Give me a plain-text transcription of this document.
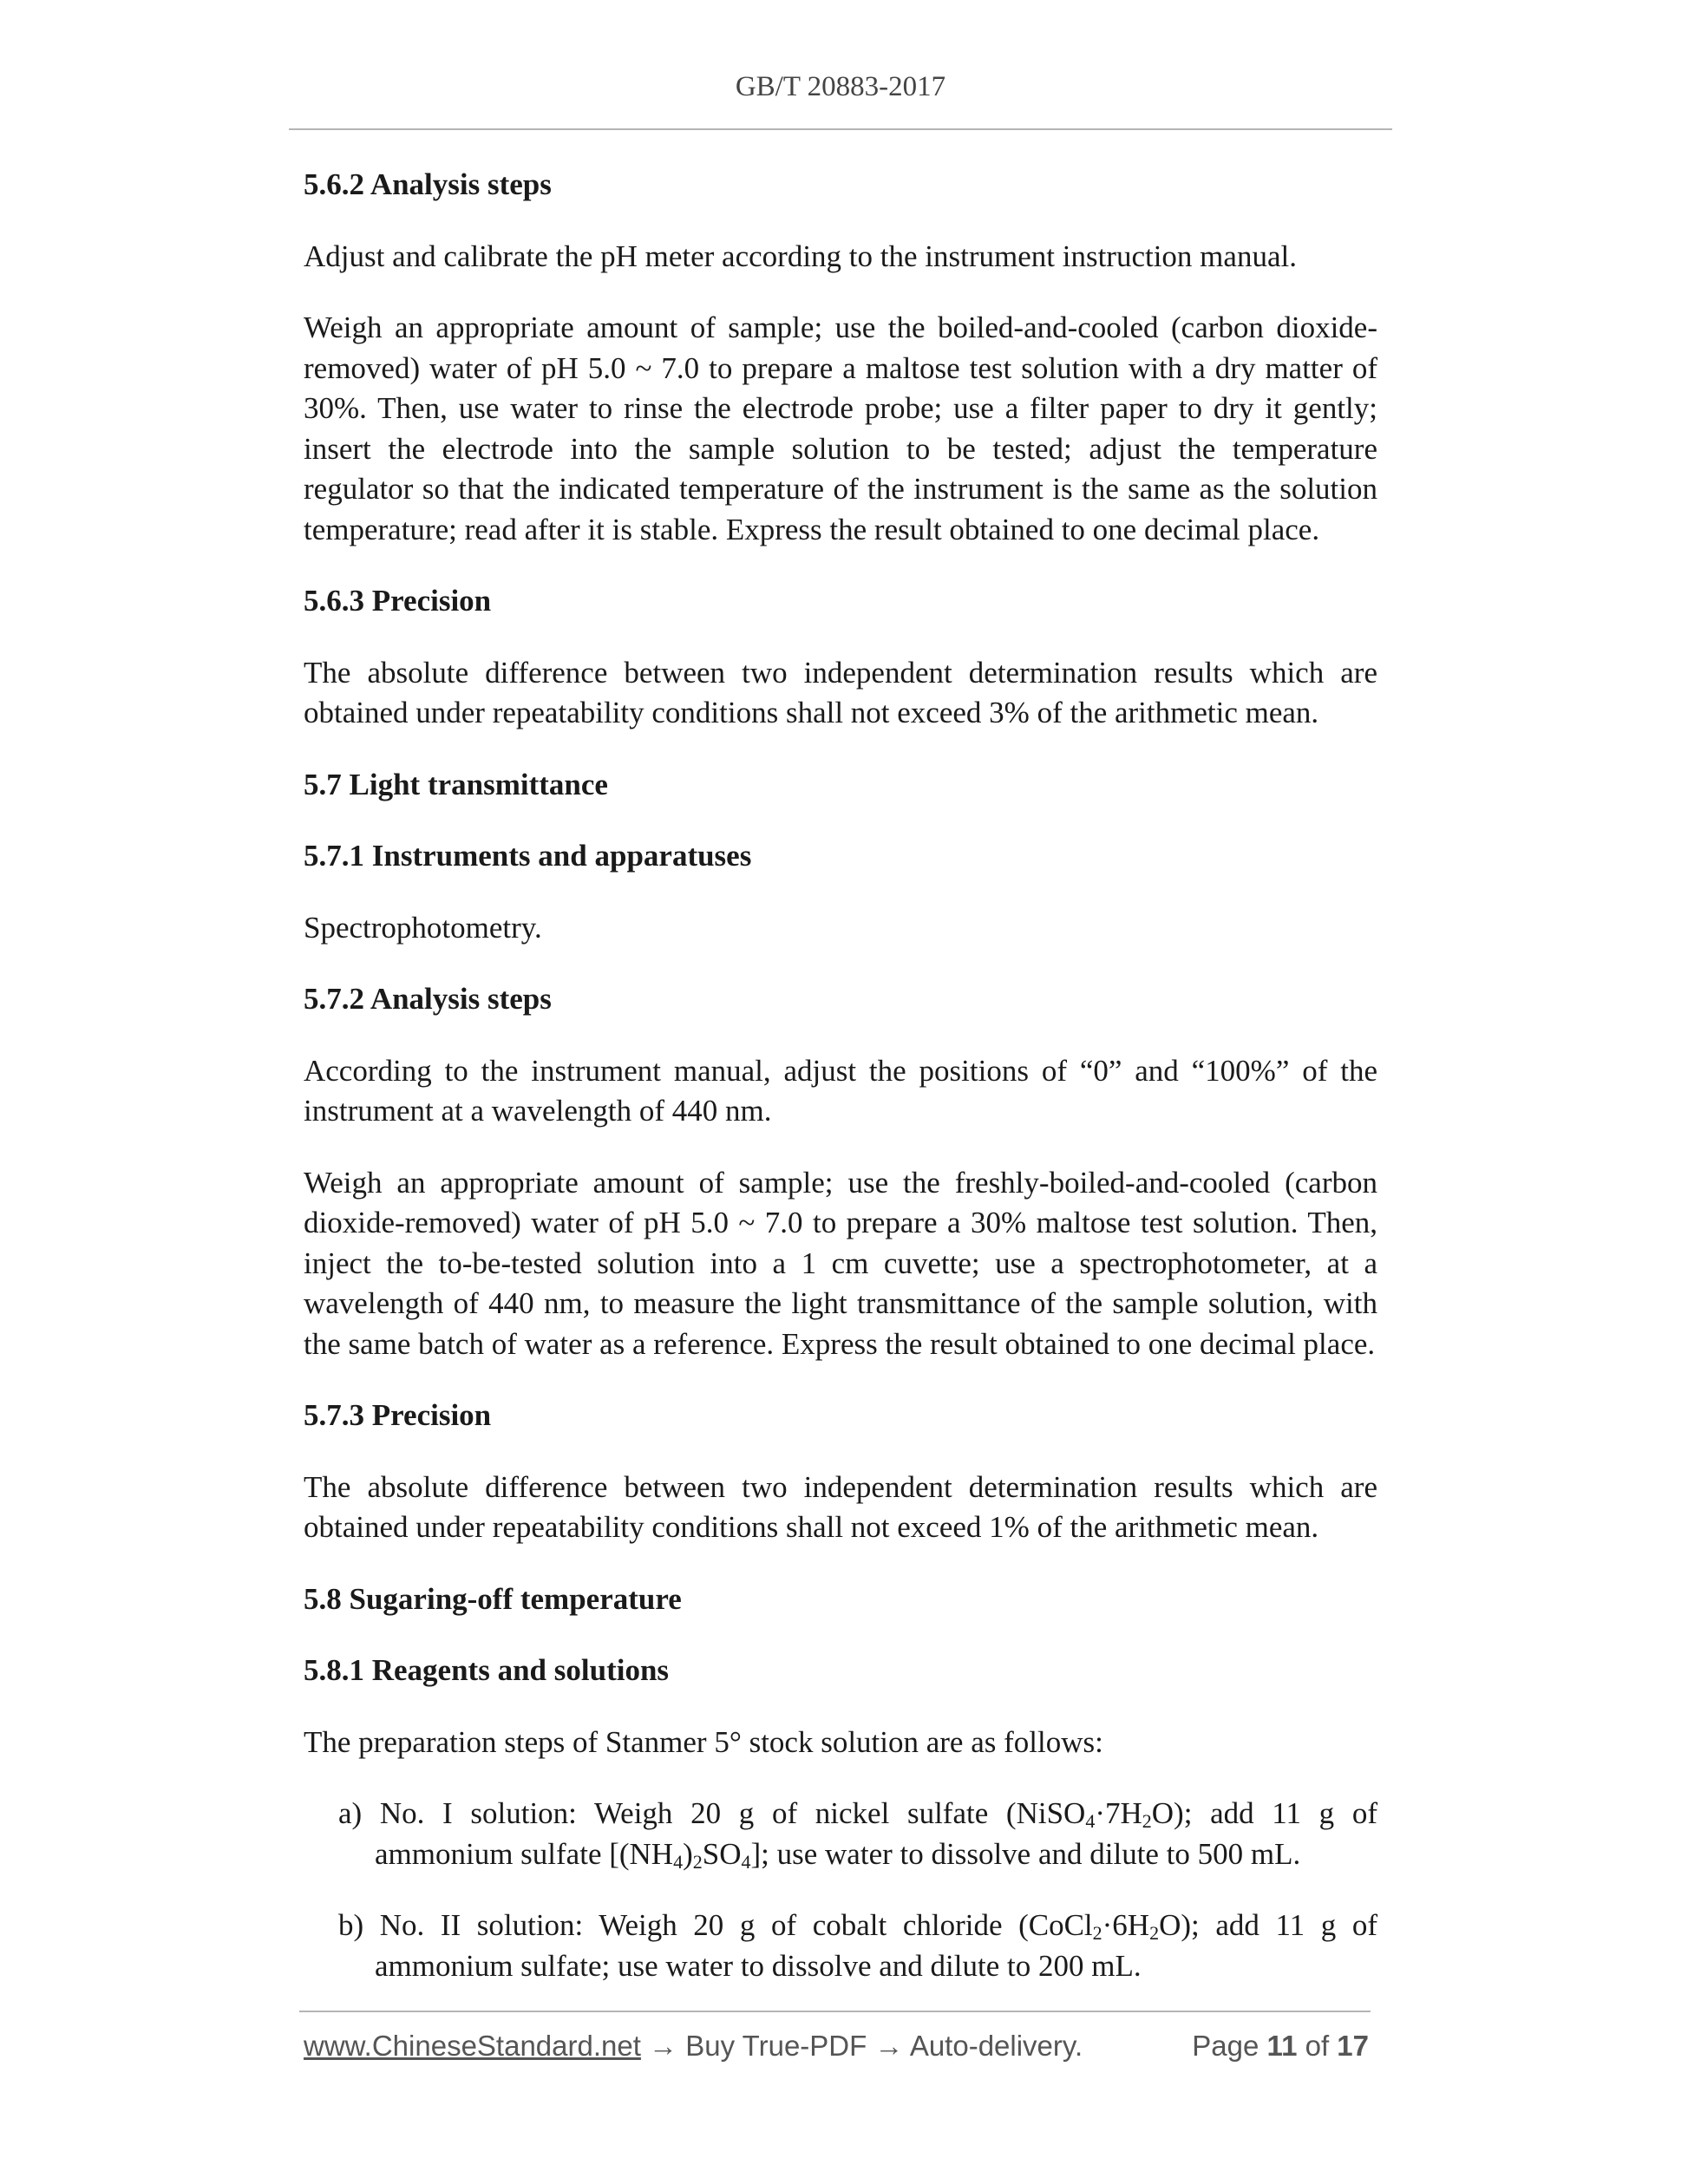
GB/T 20883-2017
5.6.2 Analysis steps
Adjust and calibrate the pH meter according to the instrument instruction manual.
Weigh an appropriate amount of sample; use the boiled-and-cooled (carbon dioxide-removed) water of pH 5.0 ~ 7.0 to prepare a maltose test solution with a dry matter of 30%. Then, use water to rinse the electrode probe; use a filter paper to dry it gently; insert the electrode into the sample solution to be tested; adjust the temperature regulator so that the indicated temperature of the instrument is the same as the solution temperature; read after it is stable. Express the result obtained to one decimal place.
5.6.3 Precision
The absolute difference between two independent determination results which are obtained under repeatability conditions shall not exceed 3% of the arithmetic mean.
5.7 Light transmittance
5.7.1 Instruments and apparatuses
Spectrophotometry.
5.7.2 Analysis steps
According to the instrument manual, adjust the positions of “0” and “100%” of the instrument at a wavelength of 440 nm.
Weigh an appropriate amount of sample; use the freshly-boiled-and-cooled (carbon dioxide-removed) water of pH 5.0 ~ 7.0 to prepare a 30% maltose test solution. Then, inject the to-be-tested solution into a 1 cm cuvette; use a spectrophotometer, at a wavelength of 440 nm, to measure the light transmittance of the sample solution, with the same batch of water as a reference. Express the result obtained to one decimal place.
5.7.3 Precision
The absolute difference between two independent determination results which are obtained under repeatability conditions shall not exceed 1% of the arithmetic mean.
5.8 Sugaring-off temperature
5.8.1 Reagents and solutions
The preparation steps of Stanmer 5° stock solution are as follows:
a) No. I solution: Weigh 20 g of nickel sulfate $(NiSO_4\cdot 7H_2O)$; add 11 g of ammonium sulfate $[(NH_4)_2SO_4]$; use water to dissolve and dilute to 500 mL.
b) No. II solution: Weigh 20 g of cobalt chloride $(CoCl_2\cdot 6H_2O)$; add 11 g of ammonium sulfate; use water to dissolve and dilute to 200 mL.
www.ChineseStandard.net → Buy True-PDF → Auto-delivery.	Page 11 of 17
